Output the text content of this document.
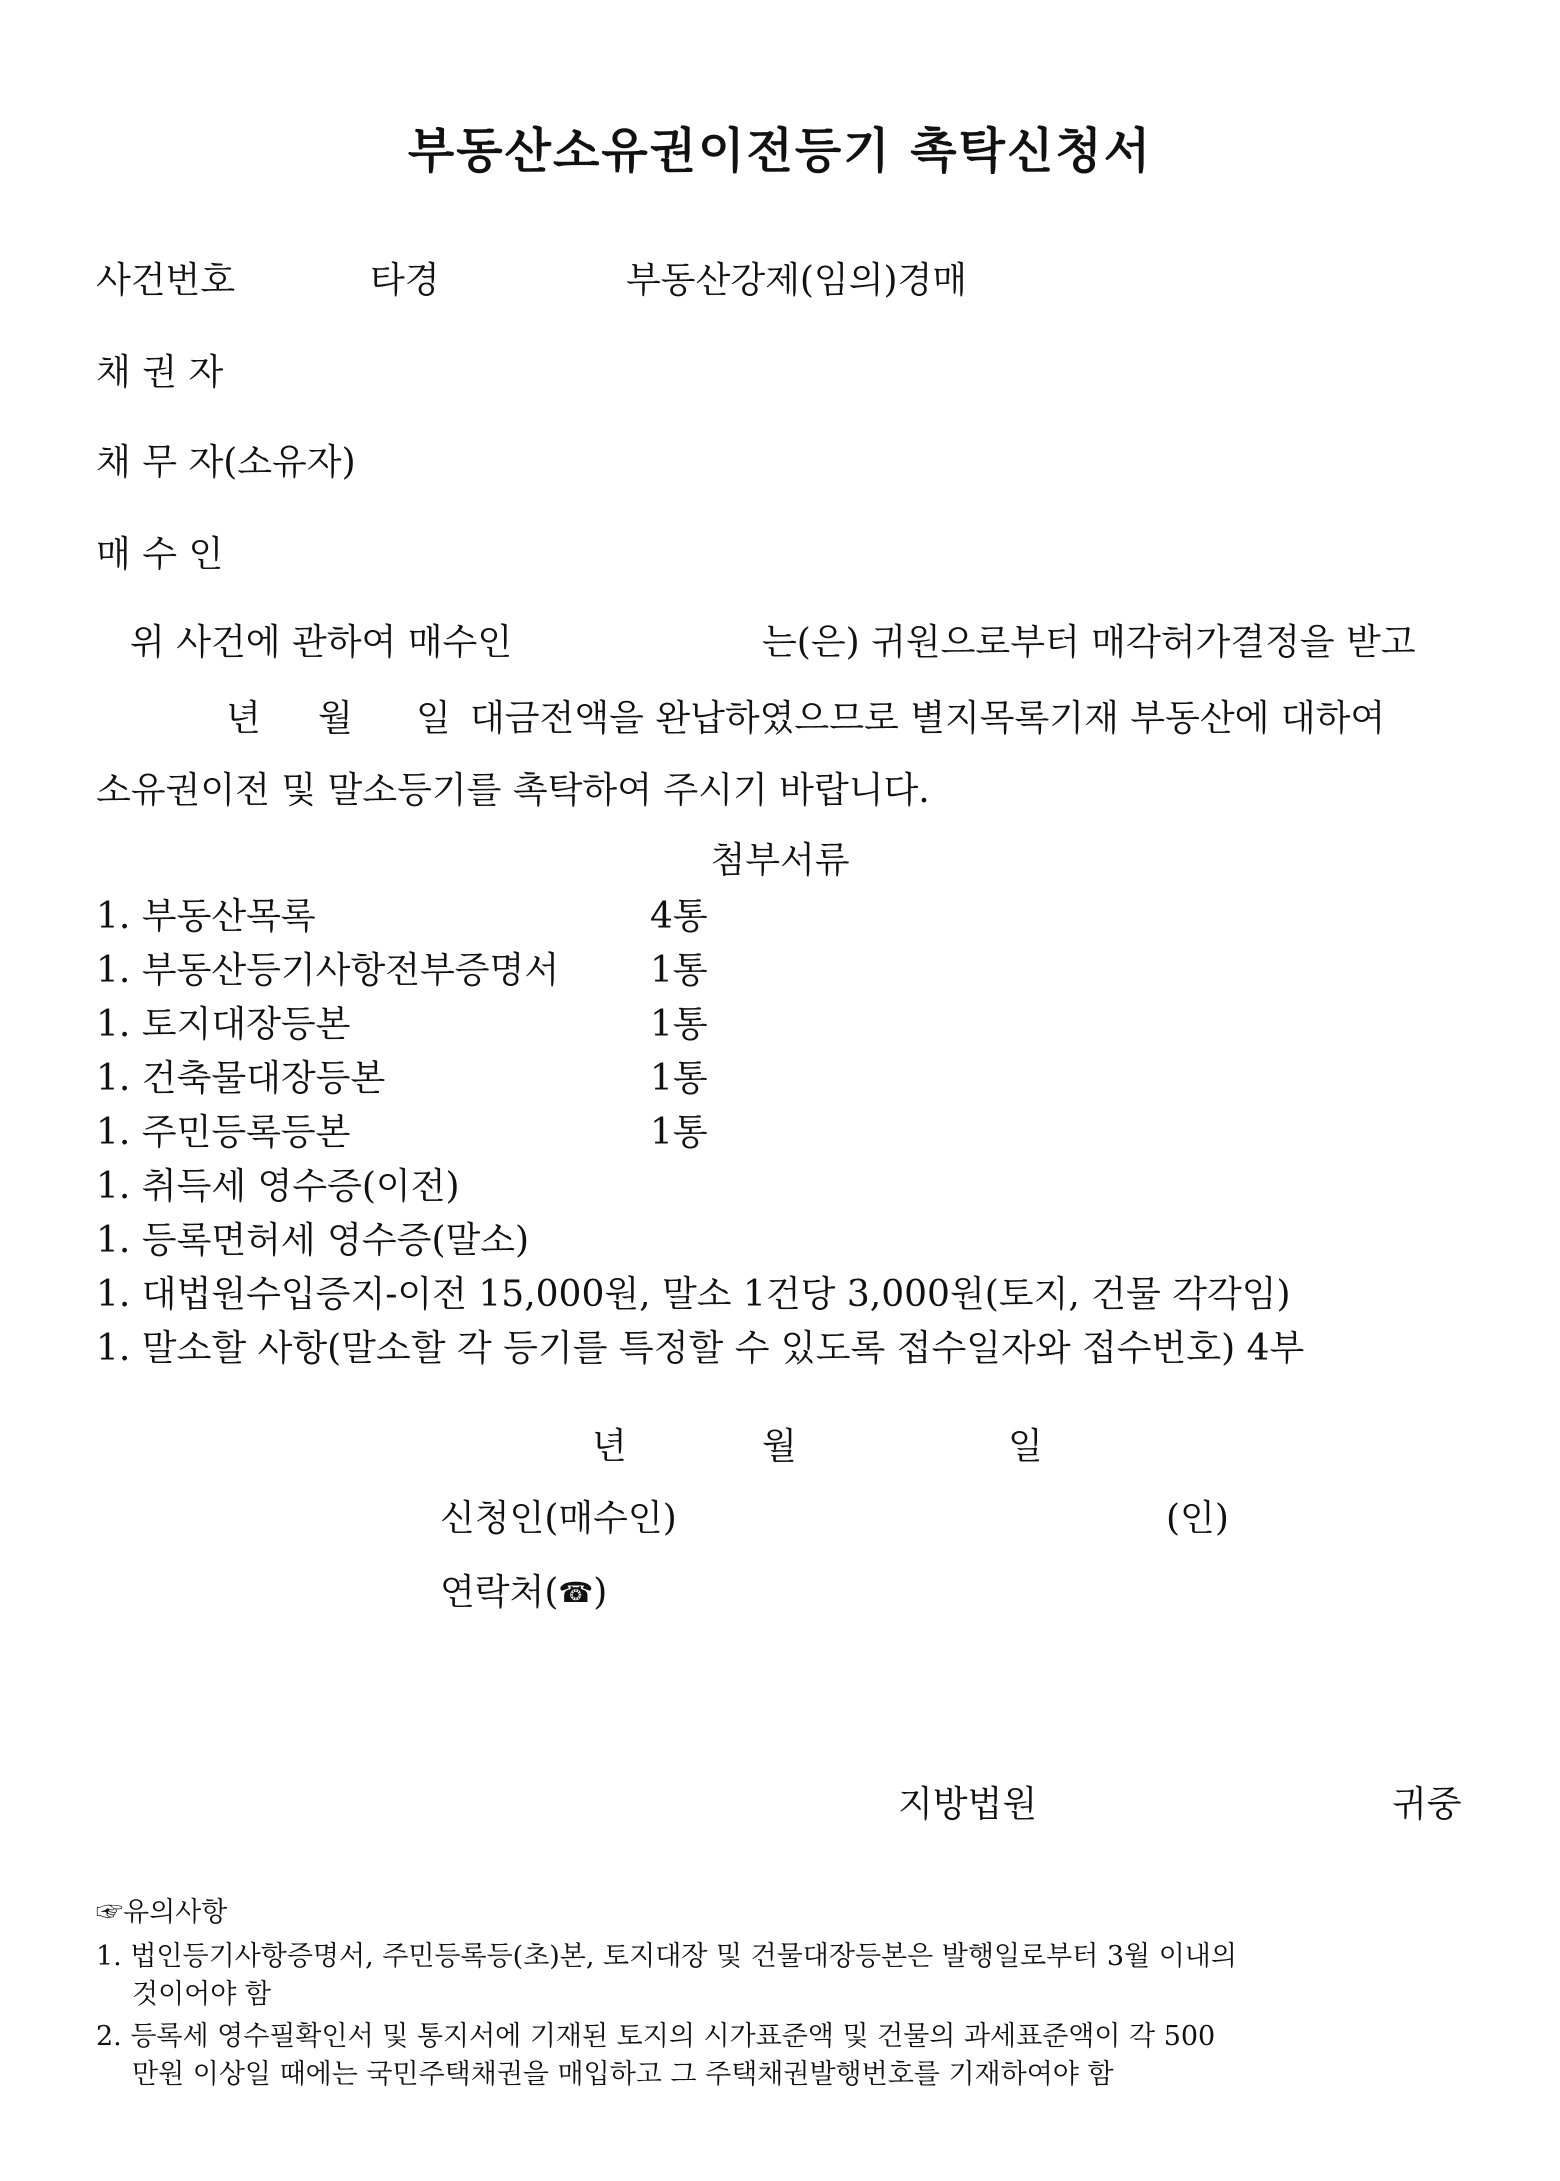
부동산소유권이전등기 촉탁신청서
사건번호	타경	부동산강제(임의)경매
채 권 자
채 무 자(소유자)
매 수 인
위 사건에 관하여 매수인	는(은) 귀원으로부터 매각허가결정을 받고
년 월 일 대금전액을 완납하였으므로 별지목록기재 부동산에 대하여
소유권이전 및 말소등기를 촉탁하여 주시기 바랍니다.
첨부서류
1. 부동산목록	4통
1. 부동산등기사항전부증명서	1통
1. 토지대장등본	1통
1. 건축물대장등본	1통
1. 주민등록등본	1통
1. 취득세 영수증(이전)
1. 등록면허세 영수증(말소)
1. 대법원수입증지-이전 15,000원, 말소 1건당 3,000원(토지, 건물 각각임)
1. 말소할 사항(말소할 각 등기를 특정할 수 있도록 접수일자와 접수번호) 4부
년	월	일
신청인(매수인)	(인)
연락처(☎)
지방법원	귀중
☞유의사항
1. 법인등기사항증명서, 주민등록등(초)본, 토지대장 및 건물대장등본은 발행일로부터 3월 이내의
것이어야 함
2. 등록세 영수필확인서 및 통지서에 기재된 토지의 시가표준액 및 건물의 과세표준액이 각 500
만원 이상일 때에는 국민주택채권을 매입하고 그 주택채권발행번호를 기재하여야 함
